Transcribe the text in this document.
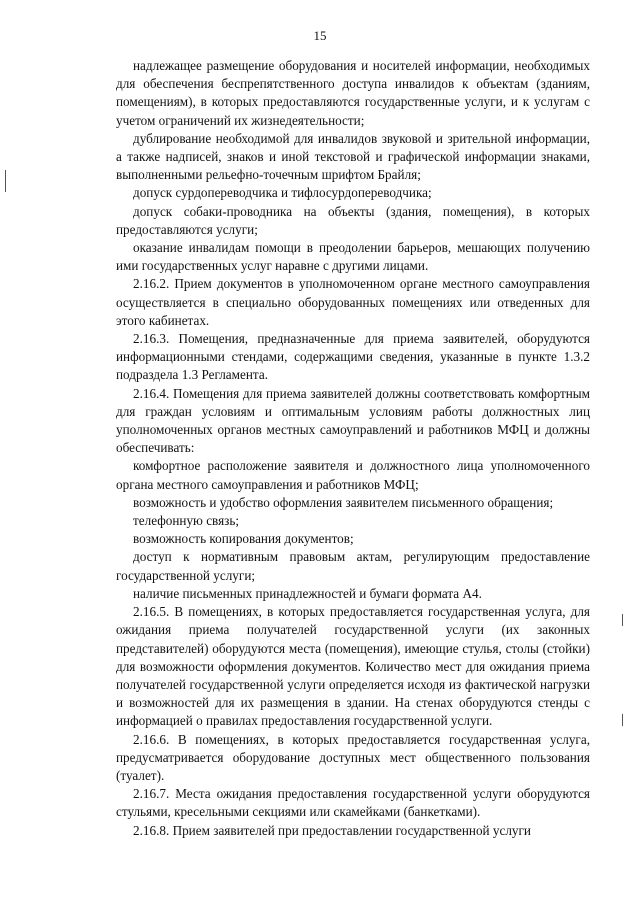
15

надлежащее размещение оборудования и носителей информации, необходимых для обеспечения беспрепятственного доступа инвалидов к объектам (зданиям, помещениям), в которых предоставляются государственные услуги, и к услугам с учетом ограничений их жизнедеятельности;

дублирование необходимой для инвалидов звуковой и зрительной информации, а также надписей, знаков и иной текстовой и графической информации знаками, выполненными рельефно-точечным шрифтом Брайля;

допуск сурдопереводчика и тифлосурдопереводчика;

допуск собаки-проводника на объекты (здания, помещения), в которых предоставляются услуги;

оказание инвалидам помощи в преодолении барьеров, мешающих получению ими государственных услуг наравне с другими лицами.

2.16.2. Прием документов в уполномоченном органе местного самоуправления осуществляется в специально оборудованных помещениях или отведенных для этого кабинетах.

2.16.3. Помещения, предназначенные для приема заявителей, оборудуются информационными стендами, содержащими сведения, указанные в пункте 1.3.2 подраздела 1.3 Регламента.

2.16.4. Помещения для приема заявителей должны соответствовать комфортным для граждан условиям и оптимальным условиям работы должностных лиц уполномоченных органов местных самоуправлений и работников МФЦ и должны обеспечивать:

комфортное расположение заявителя и должностного лица уполномоченного органа местного самоуправления и работников МФЦ;

возможность и удобство оформления заявителем письменного обращения;

телефонную связь;

возможность копирования документов;

доступ к нормативным правовым актам, регулирующим предоставление государственной услуги;

наличие письменных принадлежностей и бумаги формата А4.

2.16.5. В помещениях, в которых предоставляется государственная услуга, для ожидания приема получателей государственной услуги (их законных представителей) оборудуются места (помещения), имеющие стулья, столы (стойки) для возможности оформления документов. Количество мест для ожидания приема получателей государственной услуги определяется исходя из фактической нагрузки и возможностей для их размещения в здании. На стенах оборудуются стенды с информацией о правилах предоставления государственной услуги.

2.16.6. В помещениях, в которых предоставляется государственная услуга, предусматривается оборудование доступных мест общественного пользования (туалет).

2.16.7. Места ожидания предоставления государственной услуги оборудуются стульями, кресельными секциями или скамейками (банкетками).

2.16.8. Прием заявителей при предоставлении государственной услуги
